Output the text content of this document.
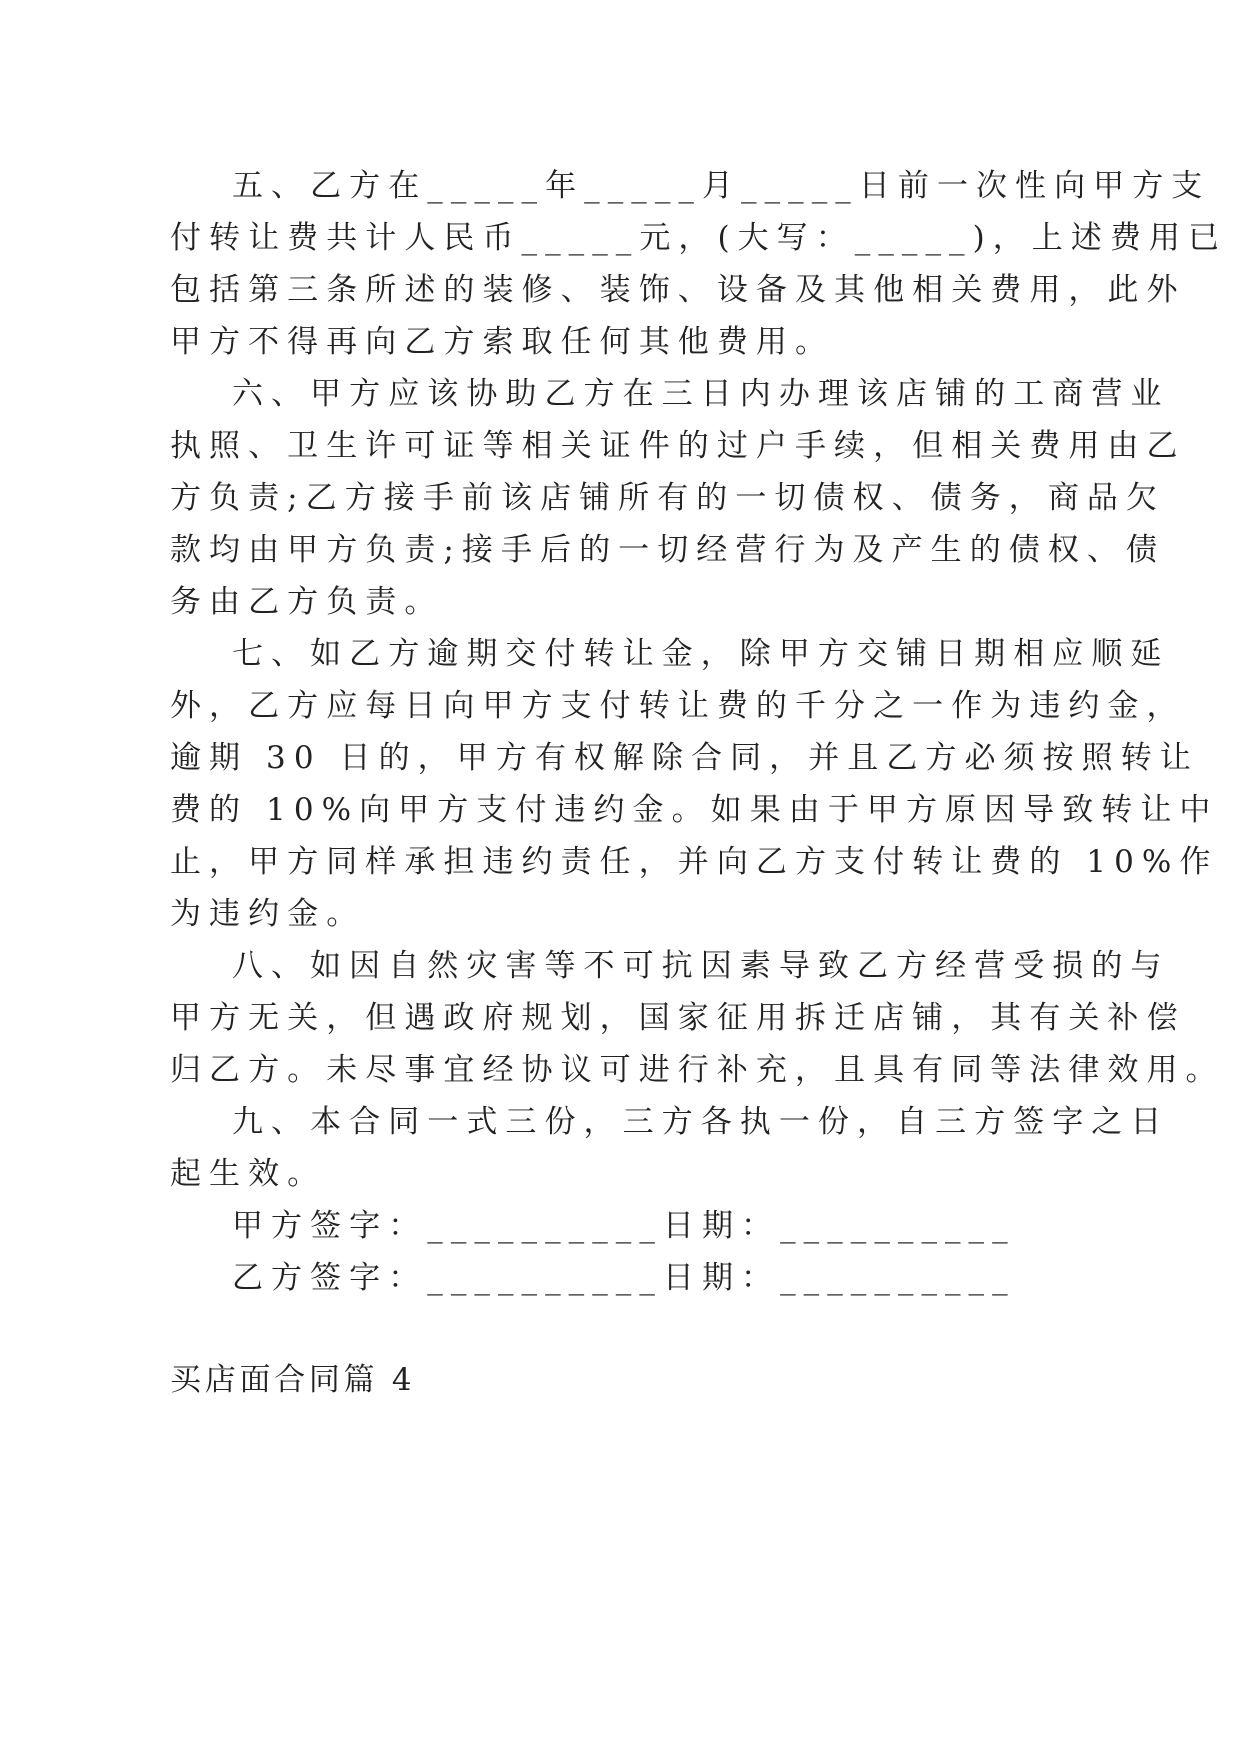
五、乙方在_____年_____月_____日前一次性向甲方支
付转让费共计人民币_____元，(大写：_____)，上述费用已
包括第三条所述的装修、装饰、设备及其他相关费用，此外
甲方不得再向乙方索取任何其他费用。
六、甲方应该协助乙方在三日内办理该店铺的工商营业
执照、卫生许可证等相关证件的过户手续，但相关费用由乙
方负责;乙方接手前该店铺所有的一切债权、债务，商品欠
款均由甲方负责;接手后的一切经营行为及产生的债权、债
务由乙方负责。
七、如乙方逾期交付转让金，除甲方交铺日期相应顺延
外，乙方应每日向甲方支付转让费的千分之一作为违约金，
逾期 30 日的，甲方有权解除合同，并且乙方必须按照转让
费的 10%向甲方支付违约金。如果由于甲方原因导致转让中
止，甲方同样承担违约责任，并向乙方支付转让费的 10%作
为违约金。
八、如因自然灾害等不可抗因素导致乙方经营受损的与
甲方无关，但遇政府规划，国家征用拆迁店铺，其有关补偿
归乙方。未尽事宜经协议可进行补充，且具有同等法律效用。
九、本合同一式三份，三方各执一份，自三方签字之日
起生效。
甲方签字：__________日期：__________
乙方签字：__________日期：__________
买店面合同篇 4
